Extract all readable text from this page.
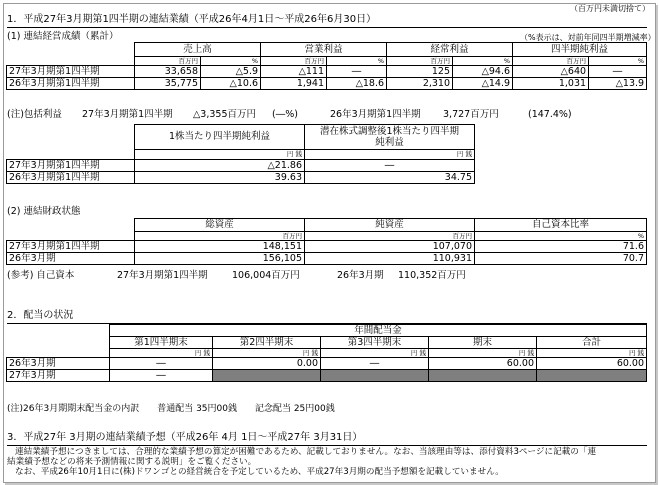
（百万円未満切捨て）
1．平成27年3月期第1四半期の連結業績（平成26年4月1日～平成26年6月30日）
(1) 連結経営成績（累計）	（%表示は、対前年同四半期増減率）
	売上高		営業利益		経常利益		四半期純利益	
	百万円	%	百万円	%	百万円	%	百万円	%
27年3月期第1四半期	33,658	△5.9	△111	―	125	△94.6	△640	―
26年3月期第1四半期	35,775	△10.6	1,941	△18.6	2,310	△14.9	1,031	△13.9
(注)包括利益 27年3月期第1四半期 △3,355百万円 (―%)	26年3月期第1四半期 3,727百万円	(147.4%)
	1株当たり四半期純利益	潜在株式調整後1株当たり四半期
純利益

	円 銭	円 銭
27年3月期第1四半期	△21.86	―
26年3月期第1四半期	39.63	34.75
(2) 連結財政状態
	総資産	純資産	自己資本比率
	百万円	百万円	%
27年3月期第1四半期	148,151	107,070	71.6
26年3月期	156,105	110,931	70.7
(参考) 自己資本	27年3月期第1四半期	106,004百万円	26年3月期 110,352百万円
2．配当の状況
	年間配当金				
	第1四半期末	第2四半期末	第3四半期末	期末	合計
	円 銭	円 銭	円 銭	円 銭	円 銭
26年3月期	―	0.00	―	60.00	60.00
27年3月期	―				
(注)26年3月期期末配当金の内訳　　普通配当 35円00銭　　記念配当 25円00銭
3．平成27年 3月期の連結業績予想（平成26年 4月 1日～平成27年 3月31日）
連結業績予想につきましては、合理的な業績予想の算定が困難であるため、記載しておりません。なお、当該理由等は、添付資料3ページに記載の「連
結業績予想などの将来予測情報に関する説明」をご覧ください。
なお、平成26年10月1日に(株)ドワンゴとの経営統合を予定しているため、平成27年3月期の配当予想額を記載していません。
